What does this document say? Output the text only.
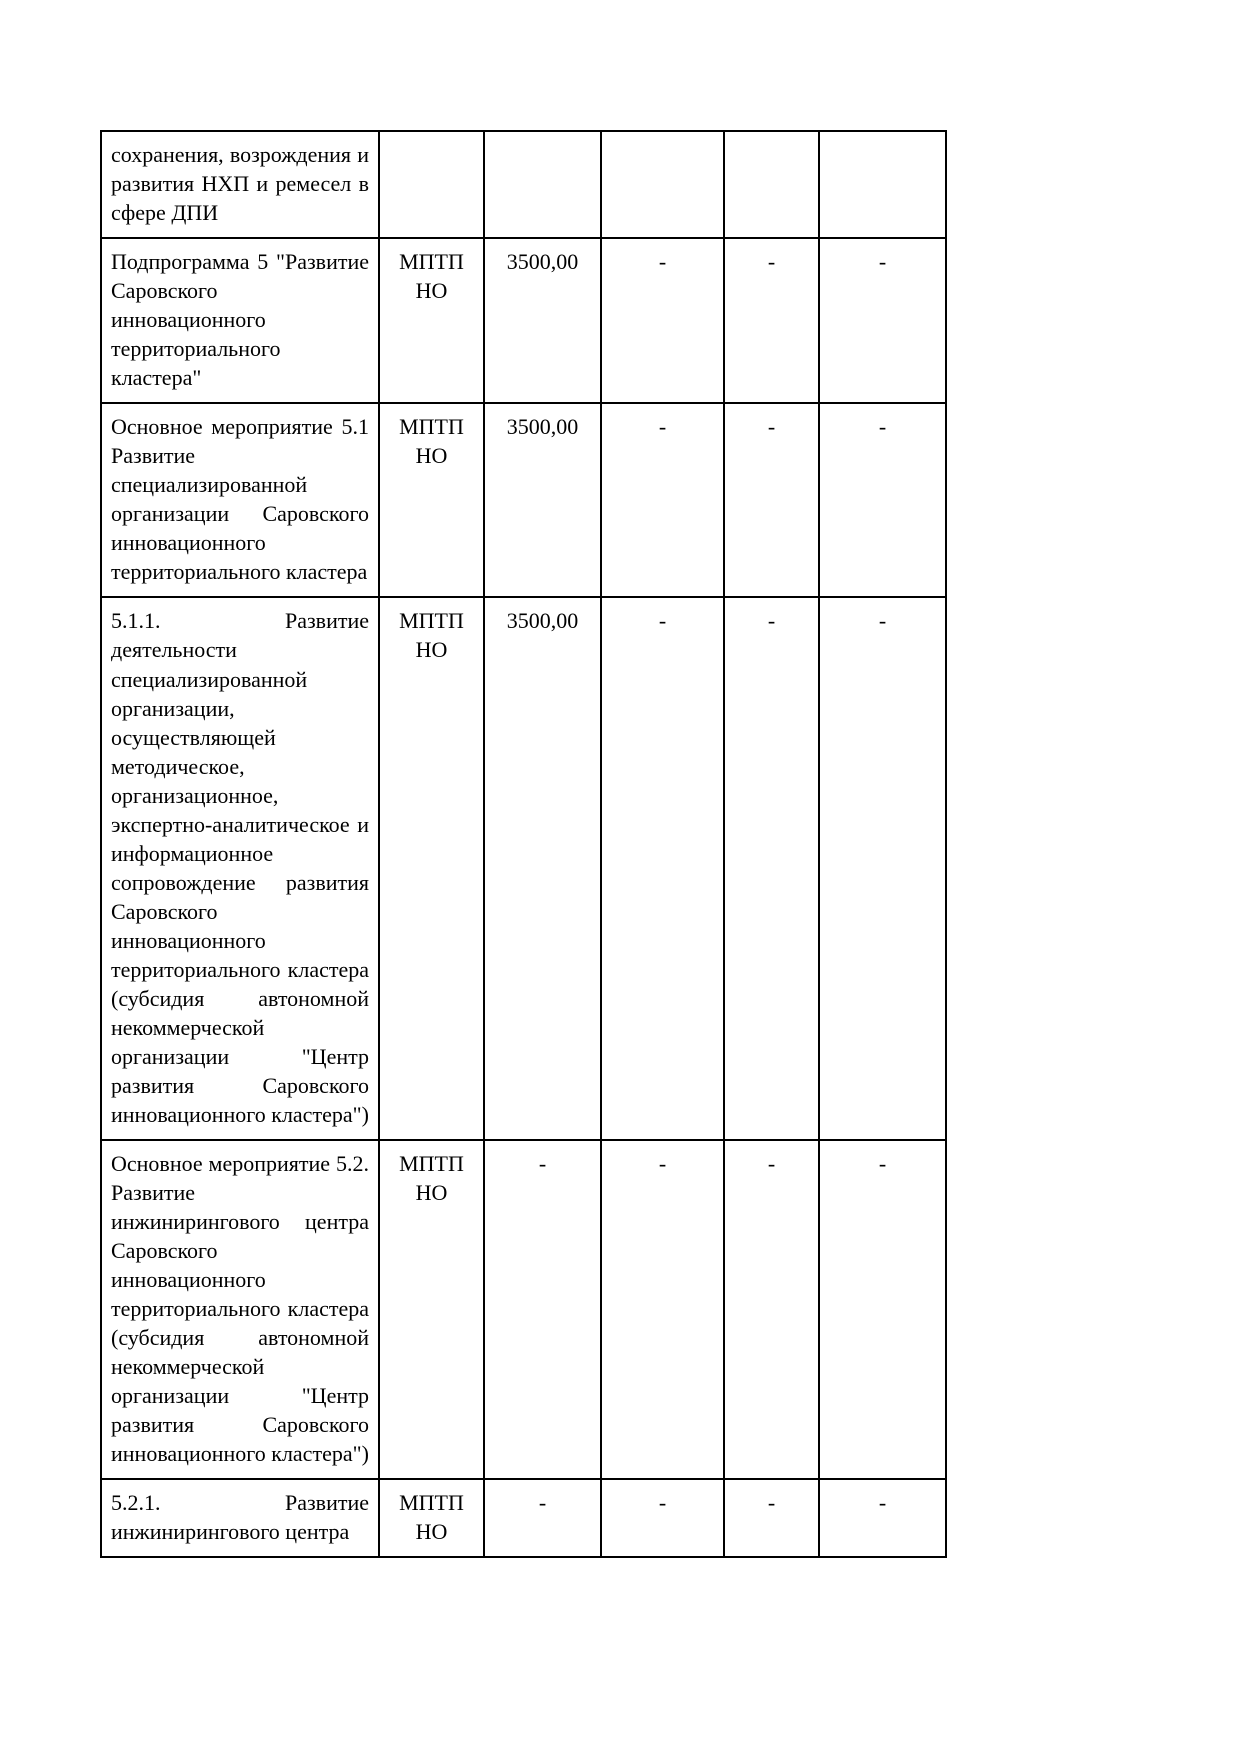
сохранения, возрождения и развития НХП и ремесел в сфере ДПИ					
Подпрограмма 5 "Развитие Саровского инновационного территориального кластера"	МПТП НО	3500,00	-	-	-
Основное мероприятие 5.1 Развитие специализированной организации Саровского инновационного территориального кластера	МПТП НО	3500,00	-	-	-
5.1.1. Развитие деятельности специализированной организации, осуществляющей методическое, организационное, экспертно-аналитическое и информационное сопровождение развития Саровского инновационного территориального кластера (субсидия автономной некоммерческой организации "Центр развития Саровского инновационного кластера")	МПТП НО	3500,00	-	-	-
Основное мероприятие 5.2. Развитие инжинирингового центра Саровского инновационного территориального кластера (субсидия автономной некоммерческой организации "Центр развития Саровского инновационного кластера")	МПТП НО	-	-	-	-
5.2.1. Развитие инжинирингового центра	МПТП НО	-	-	-	-
